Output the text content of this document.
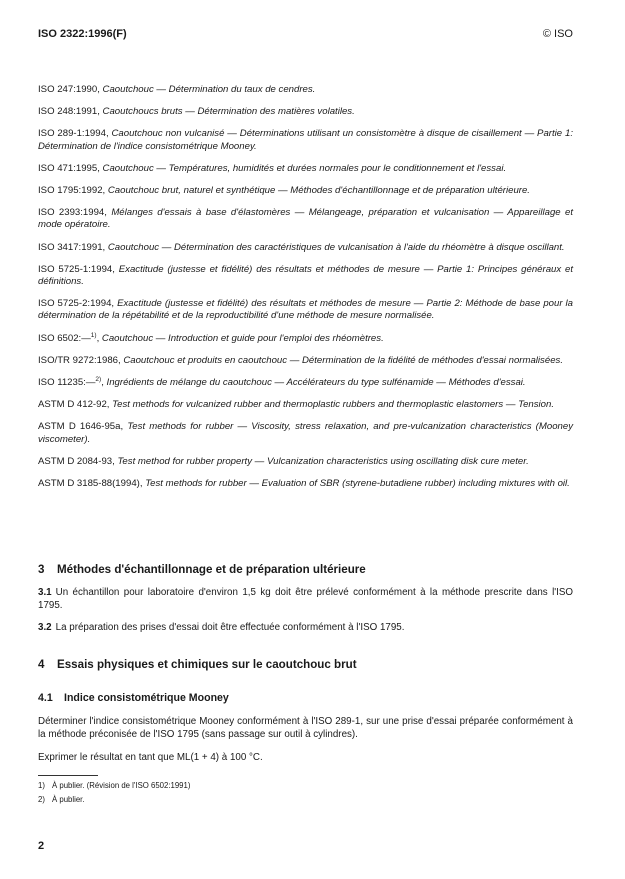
ISO 2322:1996(F)	© ISO

ISO 247:1990, Caoutchouc — Détermination du taux de cendres.

ISO 248:1991, Caoutchoucs bruts — Détermination des matières volatiles.

ISO 289-1:1994, Caoutchouc non vulcanisé — Déterminations utilisant un consistomètre à disque de cisaillement — Partie 1: Détermination de l'indice consistométrique Mooney.

ISO 471:1995, Caoutchouc — Températures, humidités et durées normales pour le conditionnement et l'essai.

ISO 1795:1992, Caoutchouc brut, naturel et synthétique — Méthodes d'échantillonnage et de préparation ultérieure.

ISO 2393:1994, Mélanges d'essais à base d'élastomères — Mélangeage, préparation et vulcanisation — Appareillage et mode opératoire.

ISO 3417:1991, Caoutchouc — Détermination des caractéristiques de vulcanisation à l'aide du rhéomètre à disque oscillant.

ISO 5725-1:1994, Exactitude (justesse et fidélité) des résultats et méthodes de mesure — Partie 1: Principes généraux et définitions.

ISO 5725-2:1994, Exactitude (justesse et fidélité) des résultats et méthodes de mesure — Partie 2: Méthode de base pour la détermination de la répétabilité et de la reproductibilité d'une méthode de mesure normalisée.

ISO 6502:—$^{1)}$, Caoutchouc — Introduction et guide pour l'emploi des rhéomètres.

ISO/TR 9272:1986, Caoutchouc et produits en caoutchouc — Détermination de la fidélité de méthodes d'essai normalisées.

ISO 11235:—$^{2)}$, Ingrédients de mélange du caoutchouc — Accélérateurs du type sulfénamide — Méthodes d'essai.

ASTM D 412-92, Test methods for vulcanized rubber and thermoplastic rubbers and thermoplastic elastomers — Tension.

ASTM D 1646-95a, Test methods for rubber — Viscosity, stress relaxation, and pre-vulcanization characteristics (Mooney viscometer).

ASTM D 2084-93, Test method for rubber property — Vulcanization characteristics using oscillating disk cure meter.

ASTM D 3185-88(1994), Test methods for rubber — Evaluation of SBR (styrene-butadiene rubber) including mixtures with oil.

3 Méthodes d'échantillonnage et de préparation ultérieure
3.1 Un échantillon pour laboratoire d'environ 1,5 kg doit être prélevé conformément à la méthode prescrite dans l'ISO 1795.
3.2 La préparation des prises d'essai doit être effectuée conformément à l'ISO 1795.
4 Essais physiques et chimiques sur le caoutchouc brut
4.1 Indice consistométrique Mooney
Déterminer l'indice consistométrique Mooney conformément à l'ISO 289-1, sur une prise d'essai préparée conformément à la méthode préconisée de l'ISO 1795 (sans passage sur outil à cylindres).
Exprimer le résultat en tant que ML(1 + 4) à 100 °C.
1) À publier. (Révision de l'ISO 6502:1991)
2) À publier.
2
